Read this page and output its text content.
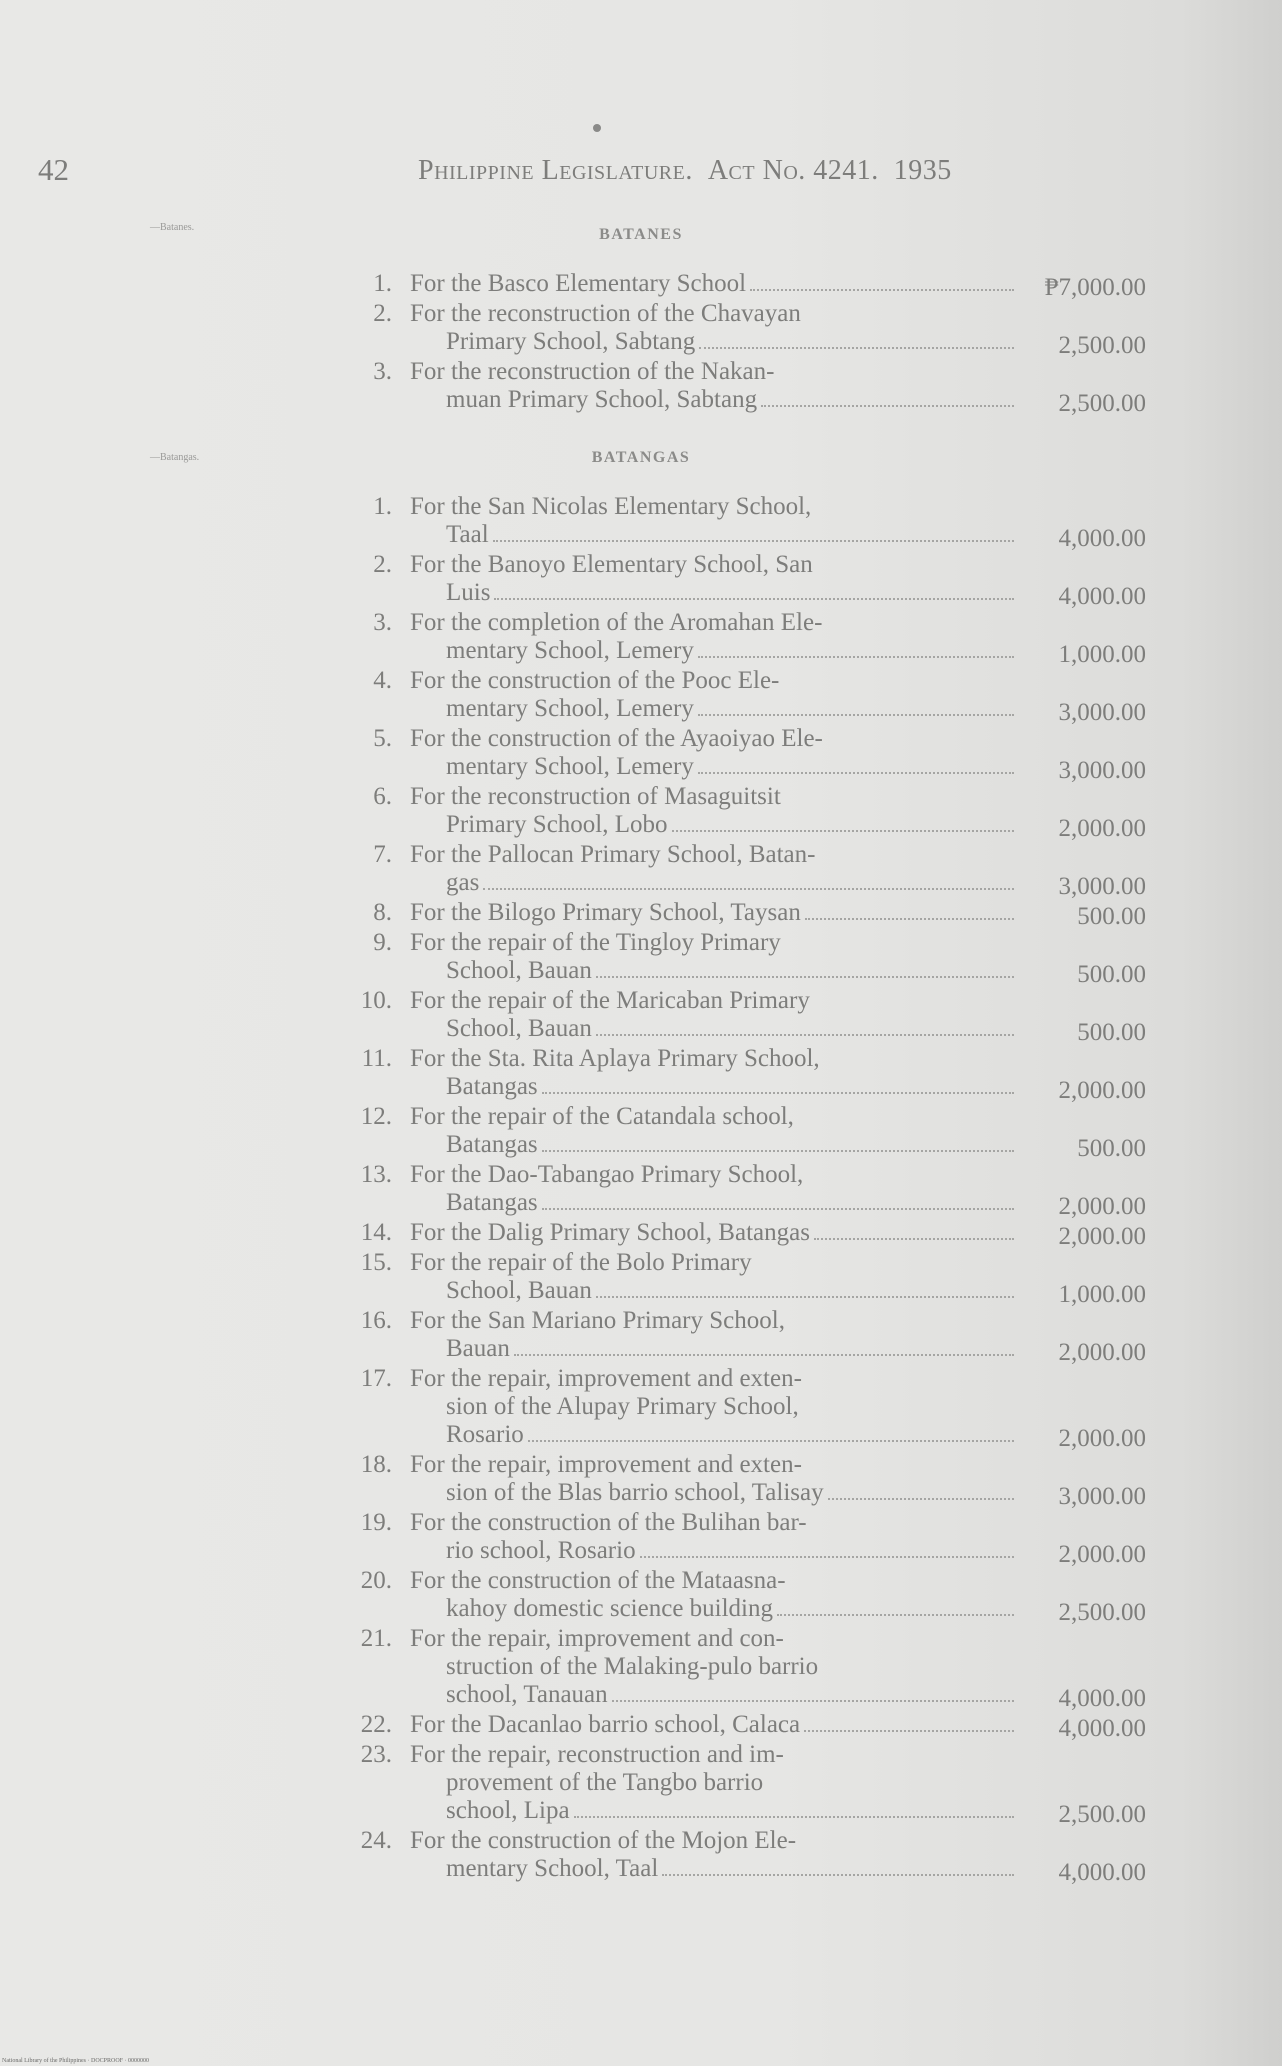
42	Philippine Legislature. Act No. 4241. 1935
—Batanes.	BATANES
—Batangas.	BATANGAS
1. For the Basco Elementary School	₱7,000.00
2. For the reconstruction of the Chavayan
Primary School, Sabtang	2,500.00
3. For the reconstruction of the Nakan-
muan Primary School, Sabtang	2,500.00
1. For the San Nicolas Elementary School,
Taal	4,000.00
2. For the Banoyo Elementary School, San
Luis	4,000.00
3. For the completion of the Aromahan Ele-
mentary School, Lemery	1,000.00
4. For the construction of the Pooc Ele-
mentary School, Lemery	3,000.00
5. For the construction of the Ayaoiyao Ele-
mentary School, Lemery	3,000.00
6. For the reconstruction of Masaguitsit
Primary School, Lobo	2,000.00
7. For the Pallocan Primary School, Batan-
gas	3,000.00
8. For the Bilogo Primary School, Taysan	500.00
9. For the repair of the Tingloy Primary
School, Bauan	500.00
10. For the repair of the Maricaban Primary
School, Bauan	500.00
11. For the Sta. Rita Aplaya Primary School,
Batangas	2,000.00
12. For the repair of the Catandala school,
Batangas	500.00
13. For the Dao-Tabangao Primary School,
Batangas	2,000.00
14. For the Dalig Primary School, Batangas	2,000.00
15. For the repair of the Bolo Primary
School, Bauan	1,000.00
16. For the San Mariano Primary School,
Bauan	2,000.00
17. For the repair, improvement and exten-
sion of the Alupay Primary School,
Rosario	2,000.00
18. For the repair, improvement and exten-
sion of the Blas barrio school, Talisay	3,000.00
19. For the construction of the Bulihan bar-
rio school, Rosario	2,000.00
20. For the construction of the Mataasna-
kahoy domestic science building	2,500.00
21. For the repair, improvement and con-
struction of the Malaking-pulo barrio
school, Tanauan	4,000.00
22. For the Dacanlao barrio school, Calaca	4,000.00
23. For the repair, reconstruction and im-
provement of the Tangbo barrio
school, Lipa	2,500.00
24. For the construction of the Mojon Ele-
mentary School, Taal	4,000.00
National Library of the Philippines · DOCPROOF · 0000000
